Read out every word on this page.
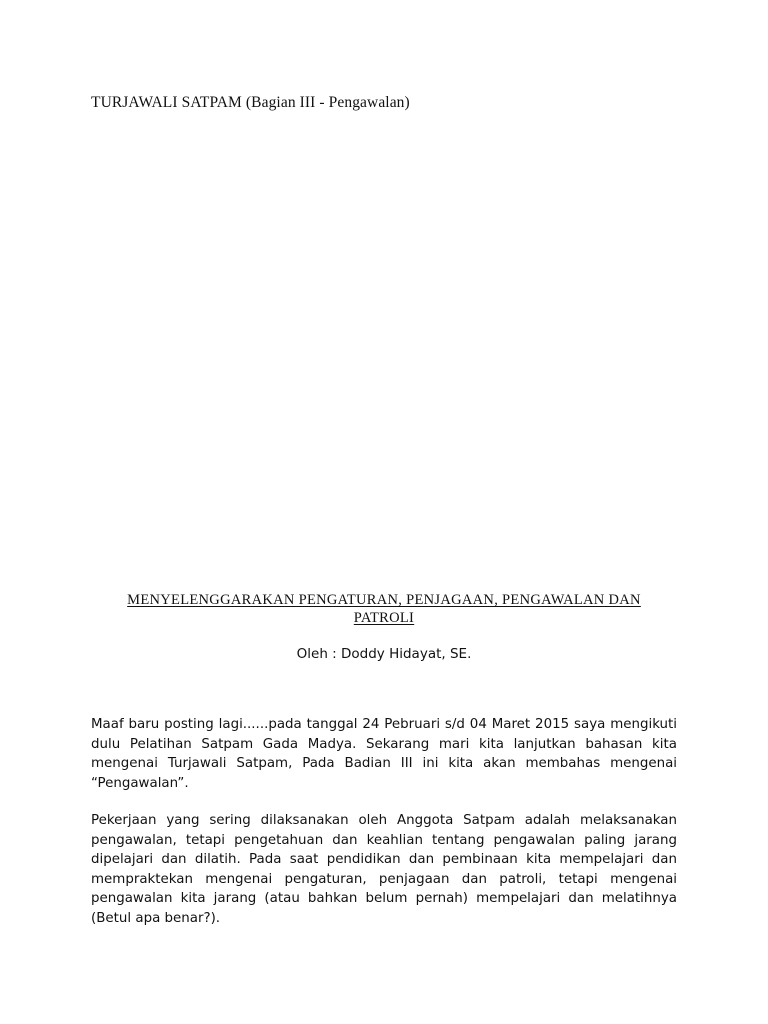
TURJAWALI SATPAM (Bagian III - Pengawalan)
MENYELENGGARAKAN PENGATURAN, PENJAGAAN, PENGAWALAN DAN
PATROLI
Oleh : Doddy Hidayat, SE.

Maaf baru posting lagi......pada tanggal 24 Pebruari s/d 04 Maret 2015 saya mengikuti dulu Pelatihan Satpam Gada Madya. Sekarang mari kita lanjutkan bahasan kita mengenai Turjawali Satpam, Pada Badian III ini kita akan membahas mengenai “Pengawalan”.

Pekerjaan yang sering dilaksanakan oleh Anggota Satpam adalah melaksanakan pengawalan, tetapi pengetahuan dan keahlian tentang pengawalan paling jarang dipelajari dan dilatih. Pada saat pendidikan dan pembinaan kita mempelajari dan mempraktekan mengenai pengaturan, penjagaan dan patroli, tetapi mengenai pengawalan kita jarang (atau bahkan belum pernah) mempelajari dan melatihnya (Betul apa benar?).
